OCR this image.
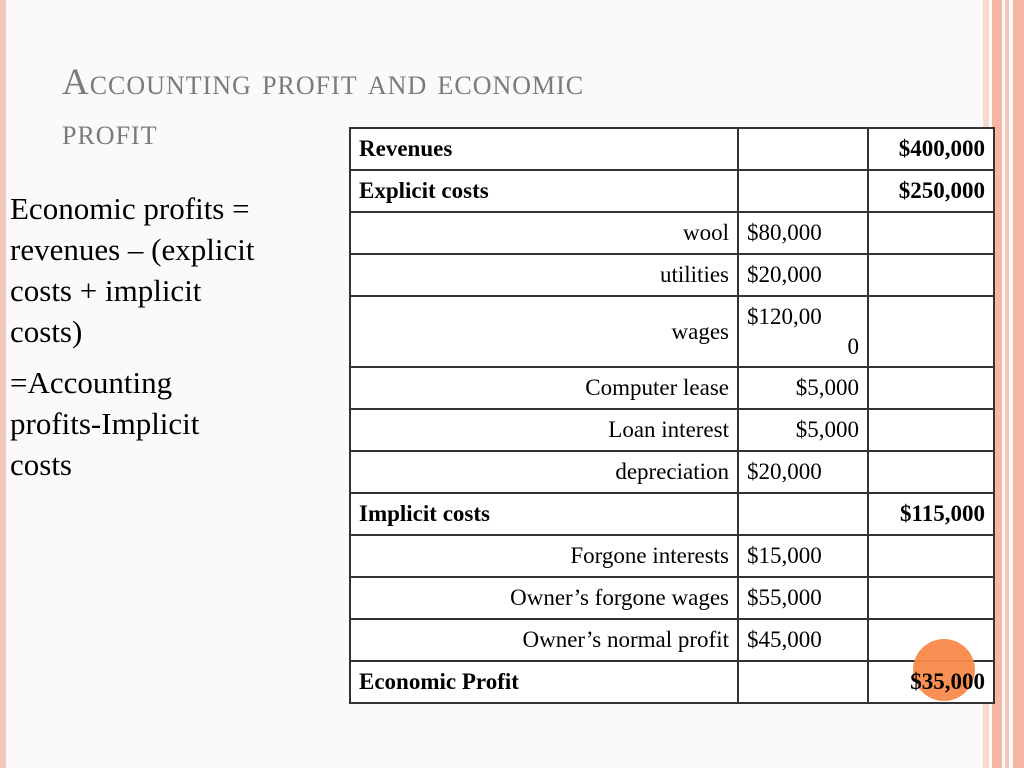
Accounting profit and economic
profit
Economic profits =
revenues – (explicit
costs + implicit
costs)
=Accounting
profits-Implicit
costs
Revenues		$400,000
Explicit costs		$250,000
wool	$80,000	
utilities	$20,000	
wages	$120,00
0	

Computer lease	$5,000	
Loan interest	$5,000	
depreciation	$20,000	
Implicit costs		$115,000
Forgone interests	$15,000	
Owner’s forgone wages	$55,000	
Owner’s normal profit	$45,000	
Economic Profit		$35,000
